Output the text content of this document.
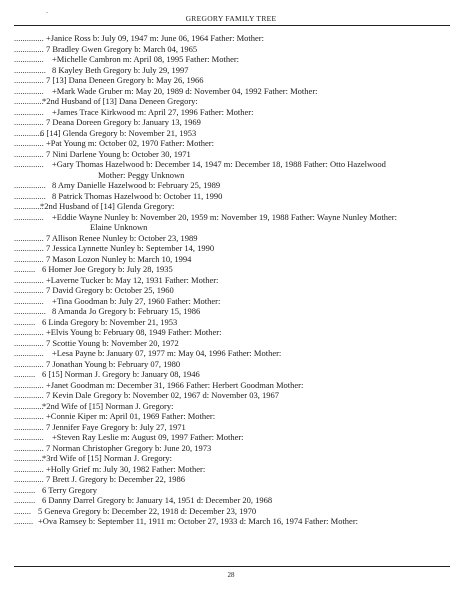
-
GREGORY FAMILY TREE
.............. +Janice Ross b: July 09, 1947 m: June 06, 1964 Father: Mother:
.............. 7 Bradley Gwen Gregory b: March 04, 1965
.............. +Michelle Cambron m: April 08, 1995 Father: Mother:
............... 8 Kayley Beth Gregory b: July 29, 1997
.............. 7 [13] Dana Deneen Gregory b: May 26, 1966
.............. +Mark Wade Gruber m: May 20, 1989 d: November 04, 1992 Father: Mother:
..............
*2nd Husband of [13] Dana Deneen Gregory:
.............. +James Trace Kirkwood m: April 27, 1996 Father: Mother:
.............. 7 Deana Doreen Gregory b: January 13, 1969
..............
6 [14] Glenda Gregory b: November 21, 1953
.............. +Pat Young m: October 02, 1970 Father: Mother:
.............. 7 Nini Darlene Young b: October 30, 1971
.............. +Gary Thomas Hazelwood b: December 14, 1947 m: December 18, 1988 Father: Otto Hazelwood
Mother: Peggy Unknown
............... 8 Amy Danielle Hazelwood b: February 25, 1989
............... 8 Patrick Thomas Hazelwood b: October 11, 1990
..............
*2nd Husband of [14] Glenda Gregory:
.............. +Eddie Wayne Nunley b: November 20, 1959 m: November 19, 1988 Father: Wayne Nunley Mother:
Elaine Unknown
.............. 7 Allison Renee Nunley b: October 23, 1989
.............. 7 Jessica Lynnette Nunley b: September 14, 1990
.............. 7 Mason Lozon Nunley b: March 10, 1994
.......... 6 Homer Joe Gregory b: July 28, 1935
.............. +Laverne Tucker b: May 12, 1931 Father: Mother:
.............. 7 David Gregory b: October 25, 1960
.............. +Tina Goodman b: July 27, 1960 Father: Mother:
............... 8 Amanda Jo Gregory b: February 15, 1986
.......... 6 Linda Gregory b: November 21, 1953
.............. +Elvis Young b: February 08, 1949 Father: Mother:
.............. 7 Scottie Young b: November 20, 1972
.............. +Lesa Payne b: January 07, 1977 m: May 04, 1996 Father: Mother:
.............. 7 Jonathan Young b: February 07, 1980
.......... 6 [15] Norman J. Gregory b: January 08, 1946
.............. +Janet Goodman m: December 31, 1966 Father: Herbert Goodman Mother:
.............. 7 Kevin Dale Gregory b: November 02, 1967 d: November 03, 1967
..............
*2nd Wife of [15] Norman J. Gregory:
.............. +Connie Kiper m: April 01, 1969 Father: Mother:
.............. 7 Jennifer Faye Gregory b: July 27, 1971
.............. +Steven Ray Leslie m: August 09, 1997 Father: Mother:
.............. 7 Norman Christopher Gregory b: June 20, 1973
..............
*3rd Wife of [15] Norman J. Gregory:
.............. +Holly Grief m: July 30, 1982 Father: Mother:
.............. 7 Brett J. Gregory b: December 22, 1986
.......... 6 Terry Gregory
.......... 6 Danny Darrel Gregory b: January 14, 1951 d: December 20, 1968
........ 5 Geneva Gregory b: December 22, 1918 d: December 23, 1970
......... +Ova Ramsey b: September 11, 1911 m: October 27, 1933 d: March 16, 1974 Father: Mother:
28
